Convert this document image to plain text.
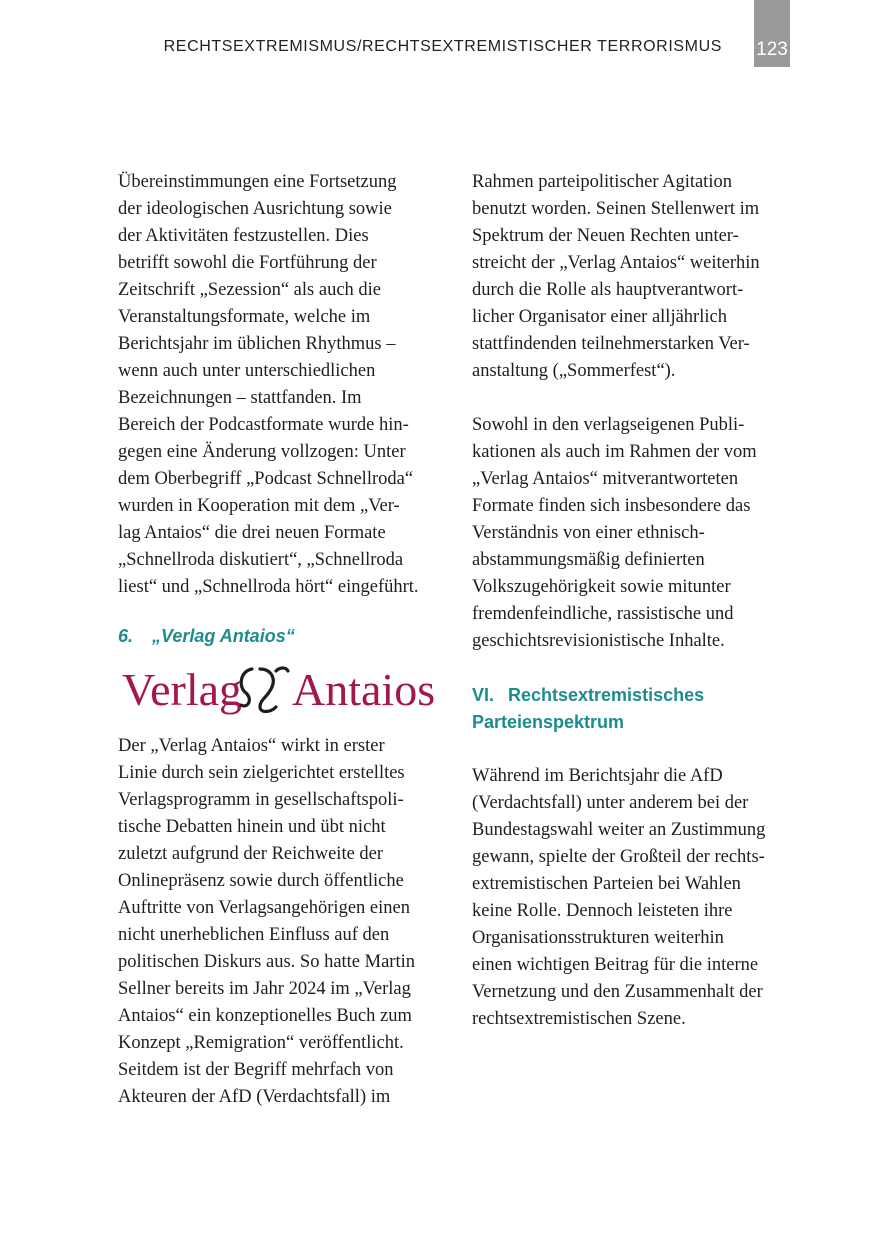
RECHTSEXTREMISMUS/RECHTSEXTREMISTISCHER TERRORISMUS 123
Übereinstimmungen eine Fortsetzung
der ideologischen Ausrichtung sowie
der Aktivitäten festzustellen. Dies
betrifft sowohl die Fortführung der
Zeitschrift „Sezession“ als auch die
Veranstaltungsformate, welche im
Berichtsjahr im üblichen Rhythmus –
wenn auch unter unterschiedlichen
Bezeichnungen – stattfanden. Im
Bereich der Podcastformate wurde hin-
gegen eine Änderung vollzogen: Unter
dem Oberbegriff „Podcast Schnellroda“
wurden in Kooperation mit dem „Ver-
lag Antaios“ die drei neuen Formate
„Schnellroda diskutiert“, „Schnellroda
liest“ und „Schnellroda hört“ eingeführt.
6. „Verlag Antaios“
Verlag Antaios
Der „Verlag Antaios“ wirkt in erster
Linie durch sein zielgerichtet erstelltes
Verlagsprogramm in gesellschaftspoli-
tische Debatten hinein und übt nicht
zuletzt aufgrund der Reichweite der
Onlinepräsenz sowie durch öffentliche
Auftritte von Verlagsangehörigen einen
nicht unerheblichen Einfluss auf den
politischen Diskurs aus. So hatte Martin
Sellner bereits im Jahr 2024 im „Verlag
Antaios“ ein konzeptionelles Buch zum
Konzept „Remigration“ veröffentlicht.
Seitdem ist der Begriff mehrfach von
Akteuren der AfD (Verdachtsfall) im
Rahmen parteipolitischer Agitation
benutzt worden. Seinen Stellenwert im
Spektrum der Neuen Rechten unter-
streicht der „Verlag Antaios“ weiterhin
durch die Rolle als hauptverantwort-
licher Organisator einer alljährlich
stattfindenden teilnehmerstarken Ver-
anstaltung („Sommerfest“).
Sowohl in den verlagseigenen Publi-
kationen als auch im Rahmen der vom
„Verlag Antaios“ mitverantworteten
Formate finden sich insbesondere das
Verständnis von einer ethnisch-
abstammungsmäßig definierten
Volkszugehörigkeit sowie mitunter
fremdenfeindliche, rassistische und
geschichtsrevisionistische Inhalte.
VI. Rechtsextremistisches
Parteienspektrum
Während im Berichtsjahr die AfD
(Verdachtsfall) unter anderem bei der
Bundestagswahl weiter an Zustimmung
gewann, spielte der Großteil der rechts-
extremistischen Parteien bei Wahlen
keine Rolle. Dennoch leisteten ihre
Organisationsstrukturen weiterhin
einen wichtigen Beitrag für die interne
Vernetzung und den Zusammenhalt der
rechtsextremistischen Szene.
